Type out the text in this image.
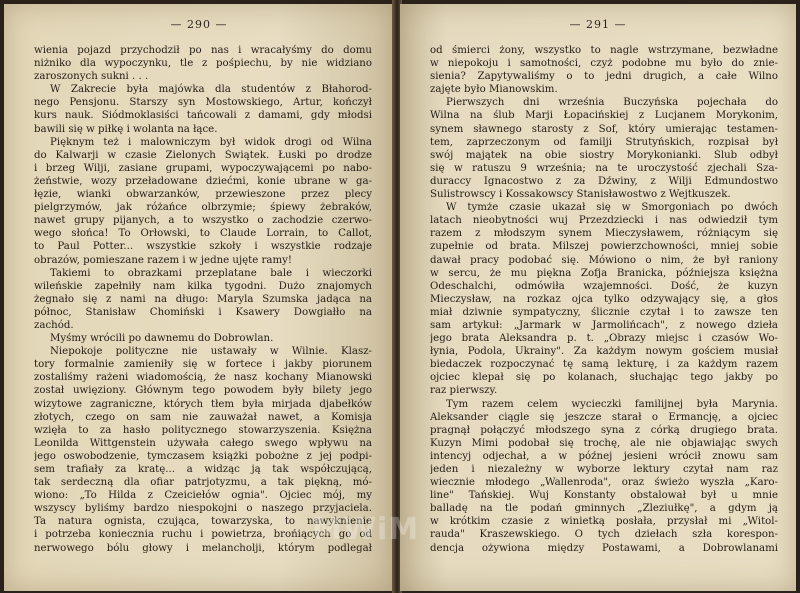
— 290 —
wienia pojazd przychodził po nas i wracałyśmy do domu
niżniko dla wypoczynku, tle z pośpiechu, by nie widziano
zaroszonych sukni . . .
W Zakrecie była majówka dla studentów z Błahorod-
nego Pensjonu. Starszy syn Mostowskiego, Artur, kończył
kurs nauk. Siódmoklasiści tańcowali z damami, gdy młodsi
bawili się w piłkę i wolanta na łące.
Pięknym też i malowniczym był widok drogi od Wilna
do Kalwarji w czasie Zielonych Świątek. Łuski po drodze
i brzeg Wilji, zasiane grupami, wypoczywającemi po nabo-
żeństwie, wozy przeładowane dziećmi, konie ubrane w ga-
łęzie, wianki obwarzanków, przewieszone przez plecy
pielgrzymów, jak różańce olbrzymie; śpiewy żebraków,
nawet grupy pijanych, a to wszystko o zachodzie czerwo-
wego słońca! To Orłowski, to Claude Lorrain, to Callot,
to Paul Potter... wszystkie szkoły i wszystkie rodzaje
obrazów, pomieszane razem i w jedne ujęte ramy!
Takiemi to obrazkami przeplatane bale i wieczorki
wileńskie zapełniły nam kilka tygodni. Dużo znajomych
żegnało się z nami na długo: Maryla Szumska jadąca na
północ, Stanisław Chomiński i Ksawery Dowgiałło na
zachód.
Myśmy wrócili po dawnemu do Dobrowlan.
Niepokoje polityczne nie ustawały w Wilnie. Klasz-
tory formalnie zamieniły się w fortece i jakby piorunem
zostaliśmy rażeni wiadomością, że nasz kochany Mianowski
został uwięziony. Głównym tego powodem były bilety jego
wizytowe zagraniczne, których tłem była mirjada djabełków
złotych, czego on sam nie zauważał nawet, a Komisja
wzięła to za hasło politycznego stowarzyszenia. Księżna
Leonilda Wittgenstein używała całego swego wpływu na
jego oswobodzenie, tymczasem książki pobożne z jej podpi-
sem trafiały za kratę... a widząc ją tak współczującą,
tak serdeczną dla ofiar patrjotyzmu, a tak piękną, mó-
wiono: „To Hilda z Czeiciełów ognia". Ojciec mój, my
wszyscy byliśmy bardzo niespokojni o naszego przyjaciela.
Ta natura ognista, czująca, towarzyska, to nawyknienie
i potrzeba koniecznia ruchu i powietrza, brońiących go od
nerwowego bólu głowy i melancholji, którym podlegał
— 291 —
od śmierci żony, wszystko to nagle wstrzymane, bezwładne
w niepokoju i samotności, czyż podobne mu było do znie-
sienia? Zapytywaliśmy o to jedni drugich, a całe Wilno
zajęte było Mianowskim.
Pierwszych dni września Buczyńska pojechała do
Wilna na ślub Marji Łopacińskiej z Lucjanem Morykonim,
synem sławnego starosty z Sof, który umierając testamen-
tem, zaprzeczonym od familji Strutyńskich, rozpisał był
swój majątek na obie siostry Morykonianki. Ślub odbył
się w ratuszu 9 września; na te uroczystość zjechali Sza-
duraccy Ignacostwo z za Dźwiny, z Wilji Edmundostwo
Sulistrowscy i Kossakowscy Stanisławostwo z Wejtkuszek.
W tymże czasie ukazał się w Smorgoniach po dwóch
latach nieobytności wuj Przezdziecki i nas odwiedził tym
razem z młodszym synem Mieczysławem, różniącym się
zupełnie od brata. Milszej powierzchowności, mniej sobie
dawał pracy podobać się. Mówiono o nim, że był raniony
w sercu, że mu piękna Zofja Branicka, późniejsza księżna
Odeschalchi, odmówiła wzajemności. Dość, że kuzyn
Mieczysław, na rozkaz ojca tylko odzywający się, a głos
miał dziwnie sympatyczny, ślicznie czytał i to zawsze ten
sam artykuł: „Jarmark w Jarmolińcach", z nowego dzieła
jego brata Aleksandra p. t. „Obrazy miejsc i czasów Wo-
łynia, Podola, Ukrainy". Za każdym nowym gościem musiał
biedaczek rozpoczynać tę samą lekturę, i za każdym razem
ojciec klepał się po kolanach, słuchając tego jakby po
raz pierwszy.
Tym razem celem wycieczki familijnej była Marynia.
Aleksander ciągle się jeszcze starał o Ermancję, a ojciec
pragnął połączyć młodszego syna z córką drugiego brata.
Kuzyn Mimi podobał się trochę, ale nie objawiając swych
intencyj odjechał, a w późnej jesieni wrócił znowu sam
jeden i niezależny w wyborze lektury czytał nam raz
wiecznie młodego „Wallenroda", oraz świeżo wyszła „Karo-
line" Tańskiej. Wuj Konstanty obstalował był u mnie
balladę na tle podań gminnych „Zleziułkę", a gdym ją
w krótkim czasie z winietką posłała, przysłał mi „Witol-
rauda" Kraszewskiego. O tych dziełach szła korespon-
dencja ożywiona między Postawami, a Dobrowlanami
MWiM
